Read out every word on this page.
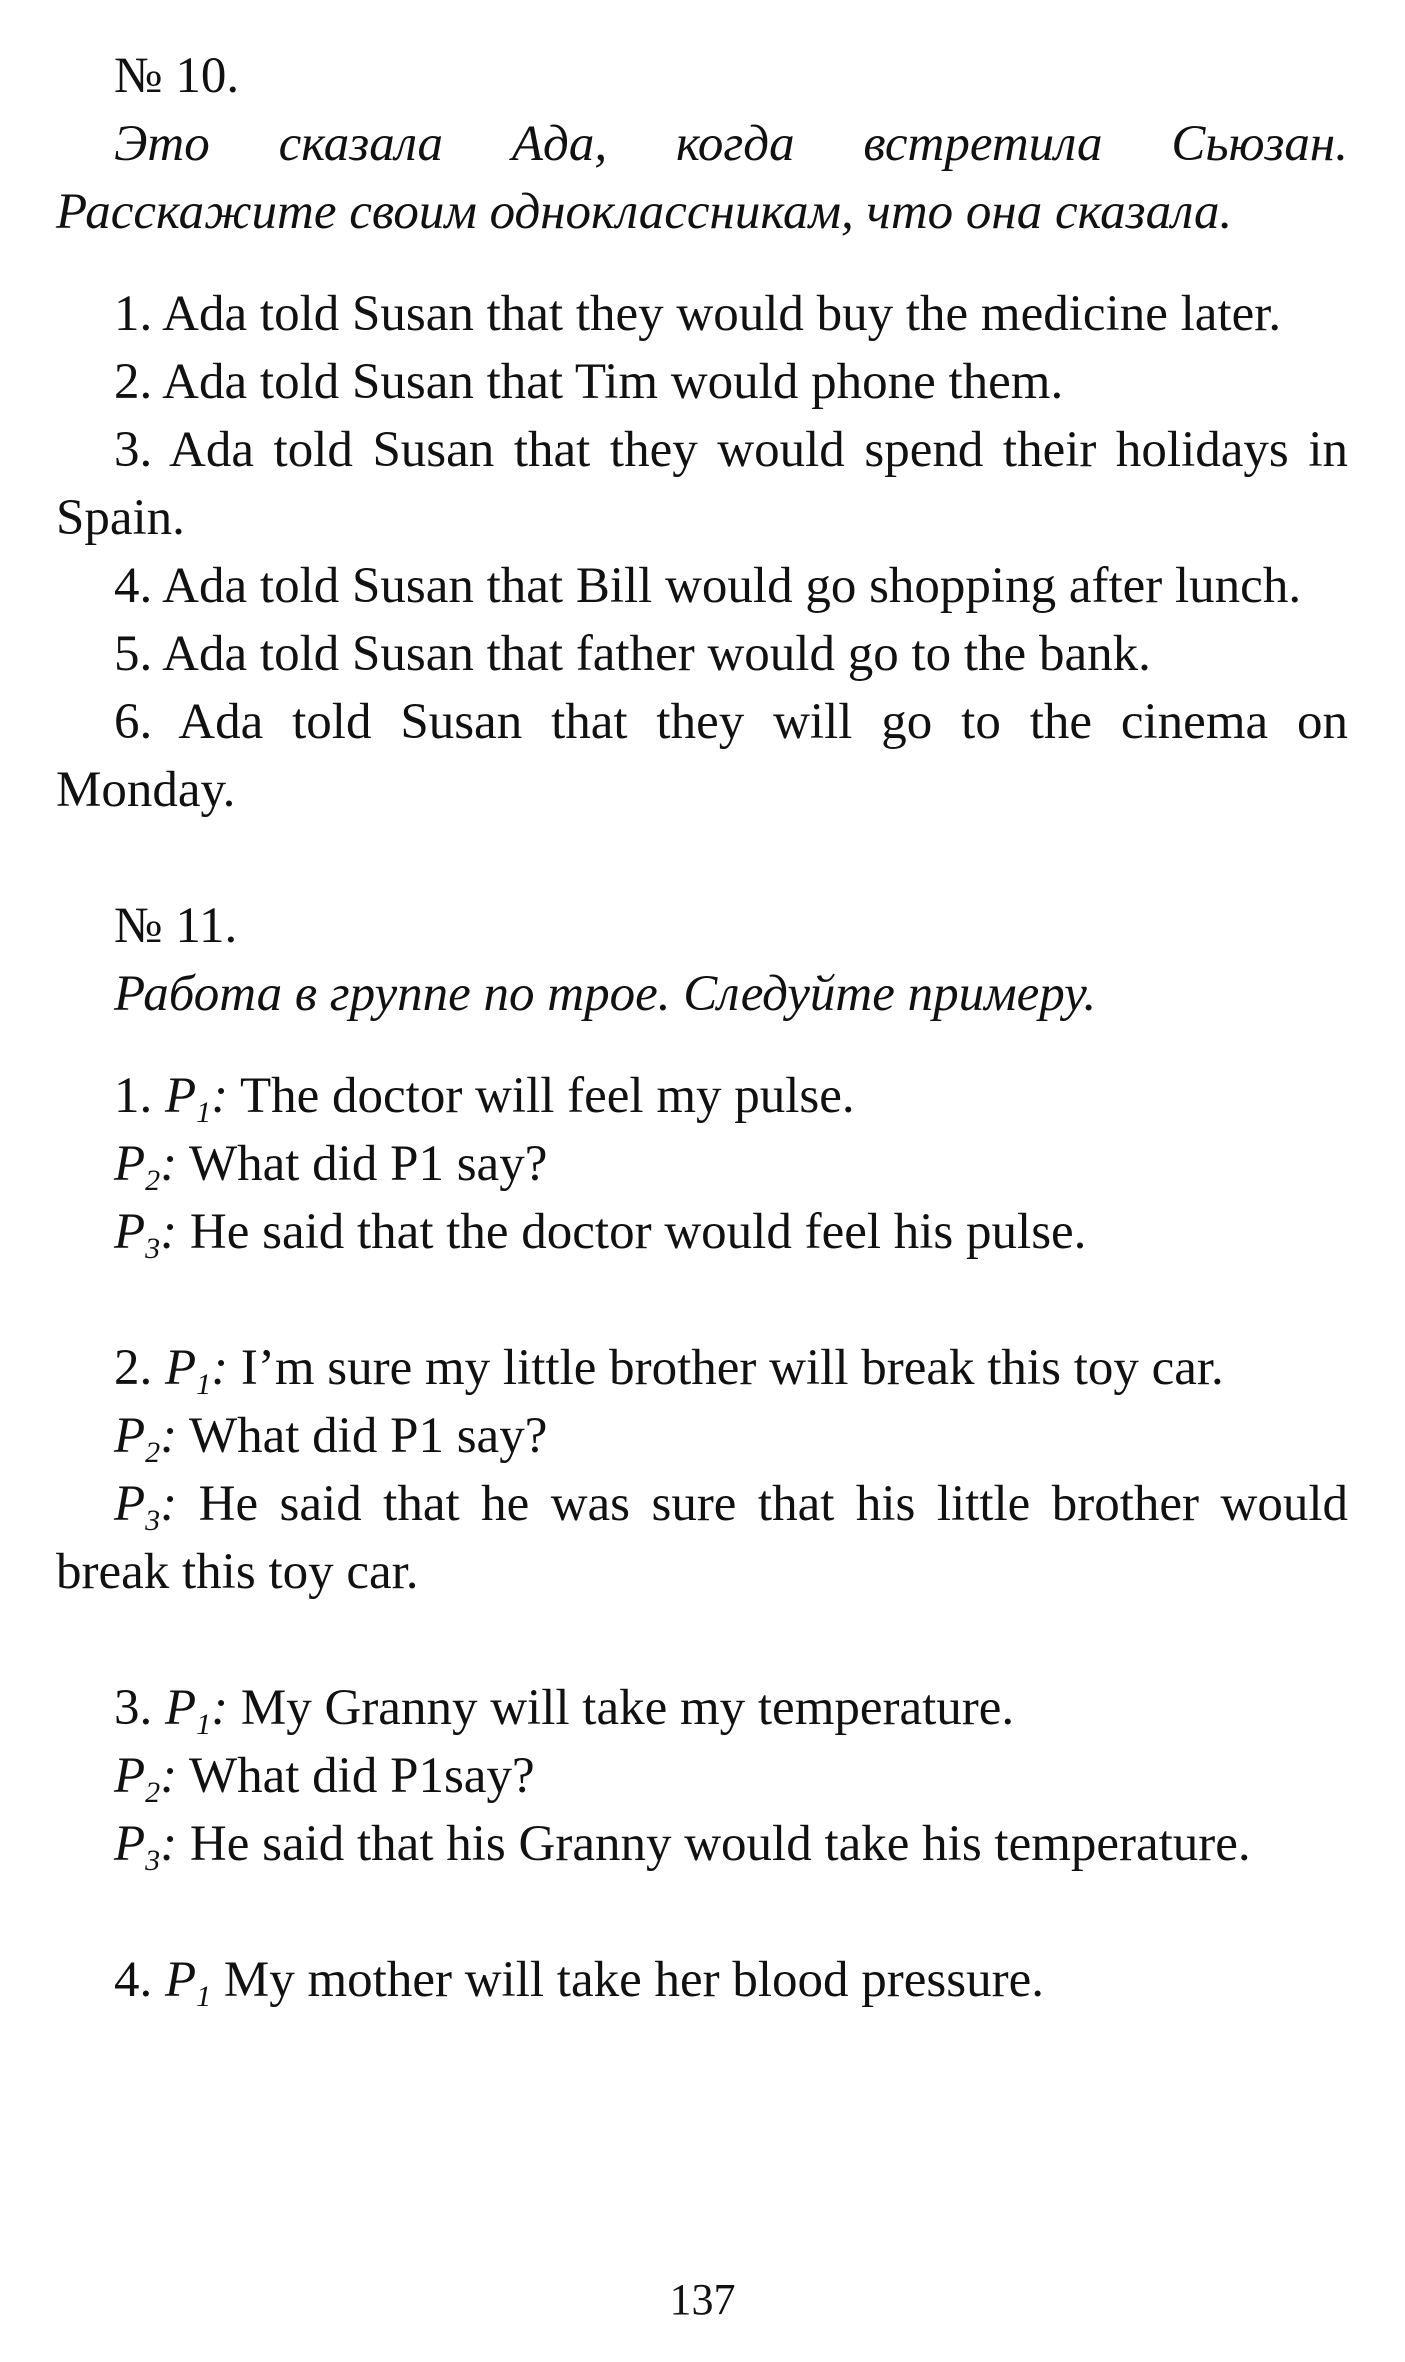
№ 10.

Это сказала Ада, когда встретила Сьюзан. Расскажите своим одноклассникам, что она сказала.

1. Ada told Susan that they would buy the medicine later.

2. Ada told Susan that Tim would phone them.

3. Ada told Susan that they would spend their holidays in Spain.

4. Ada told Susan that Bill would go shopping after lunch.

5. Ada told Susan that father would go to the bank.

6. Ada told Susan that they will go to the cinema on Monday.

№ 11.

Работа в группе по трое. Следуйте примеру.

1. $P_1$: The doctor will feel my pulse.

$P_2$: What did P1 say?

$P_3$: He said that the doctor would feel his pulse.

2. $P_1$: I’m sure my little brother will break this toy car.

$P_2$: What did P1 say?

$P_3$: He said that he was sure that his little brother would break this toy car.

3. $P_1$: My Granny will take my temperature.

$P_2$: What did P1say?

$P_3$: He said that his Granny would take his temperature.

4. $P_1$ My mother will take her blood pressure.

137
